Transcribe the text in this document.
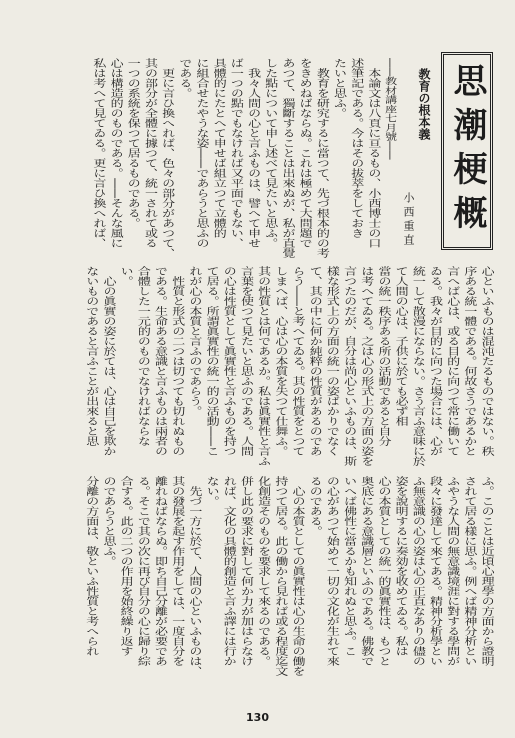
思潮梗概
教育の根本義
小西重直
――教材講座七月號――
本論文は八頁に亘るもの、小西博士の口
述筆記である。今はその拔萃をしておき
たいと思ふ。
教育を研究するに當つて、先づ根本的の考
をきめねばならぬ。これは極めて大問題で
あつて、獨斷することは出來ぬが、私が直覺
した點について申し述べて見たいと思ふ。
我々人間の心と言ふものは、譬へて申せ
ば一つの點でもなければ又平面でもない、
具體的にたとへて申せば組立つて立體的
に組合せたやうな姿――であらうと思ふの
である。
更に言ひ換へれば、色々の部分があつて、
其の部分が全體に據つて、統一されて或る
一つの系統を保つて居るものである。
心は構造的のものである。――そんな風に
私は考へて見てゐる。更に言ひ換へれば、
心といふものは混沌たるものではない。秩
序ある統一體である。何故さうであるかと
言へば心は、或る目的に向つて常に働いて
ゐる。我々が目的に向つた場合には、心が
統一して散漫にならない。さう言ふ意味に於
て人間の心は、子供に於ても必ず相
當の統一秩序ある所の活動であると自分
は考へてゐる。之は心の形式上の方面の姿を
言つたのだが、自分は尚心といふものは、斯
樣な形式上の方面の統一の姿ばかりでなく
て、其の中に何か純粹の性質があるのであ
らう――と考へてゐる。其の性質をとつて
しまへば、心は心の本質を失つて仕舞ふ。
其の性質とは何であるか。私は眞實性と言ふ
言葉を使つて見たいと思ふのである。人間
の心は性質として眞實性と言ふものを持つ
て居る。所謂眞實性の統一的の活動――こ
れが心の本質と言ふのであらう。
性質と形式の二つは切つても切れぬもの
である。生命ある意識と言ふものは兩者の
合體した一元的のものでなければならな
い。
心の眞實の姿に於ては、心は自己を欺か
ないものであると言ふことが出來ると思
ふ。このことは近頃心理學の方面から證明
されて居る樣に思ふ。例へば精神分析とい
ふやうな人間の無意識境涯に對する學問が
段々に發達して來てある。精神分析學とい
ふ無意識の心の姿は心の正直なありの儘の
姿を說明するに奏効を收めてゐる。私は
心の本質としての統一的眞實性は、もつと
奥底にある意識層といふのである。佛教で
いへば佛性に當るかも知れぬと思ふ。こ
の心があつて始めて一切の文化が生れて來
るのである。
心の本質としての眞實性は心の生命の働を
持つて居る。此の働から見れば或る程度迄文
化創造そのものを要求して來るのである。
併し此の要求に對して何か力が加はらなけ
れば、文化の具體的創造と言ふ譯には行か
ない。
先づ一方に於て、人間の心といふものは、
其の發展を起す作用をしては、一度自分を
離れねばならぬ。即ち自己分離が必要であ
る。そこで其の次に再び自分の心に歸り綜
合する。此の二つの作用を始終繰り返す
のであらうと思ふ。
分離の方面は、敬といふ性質と考へられ
130
